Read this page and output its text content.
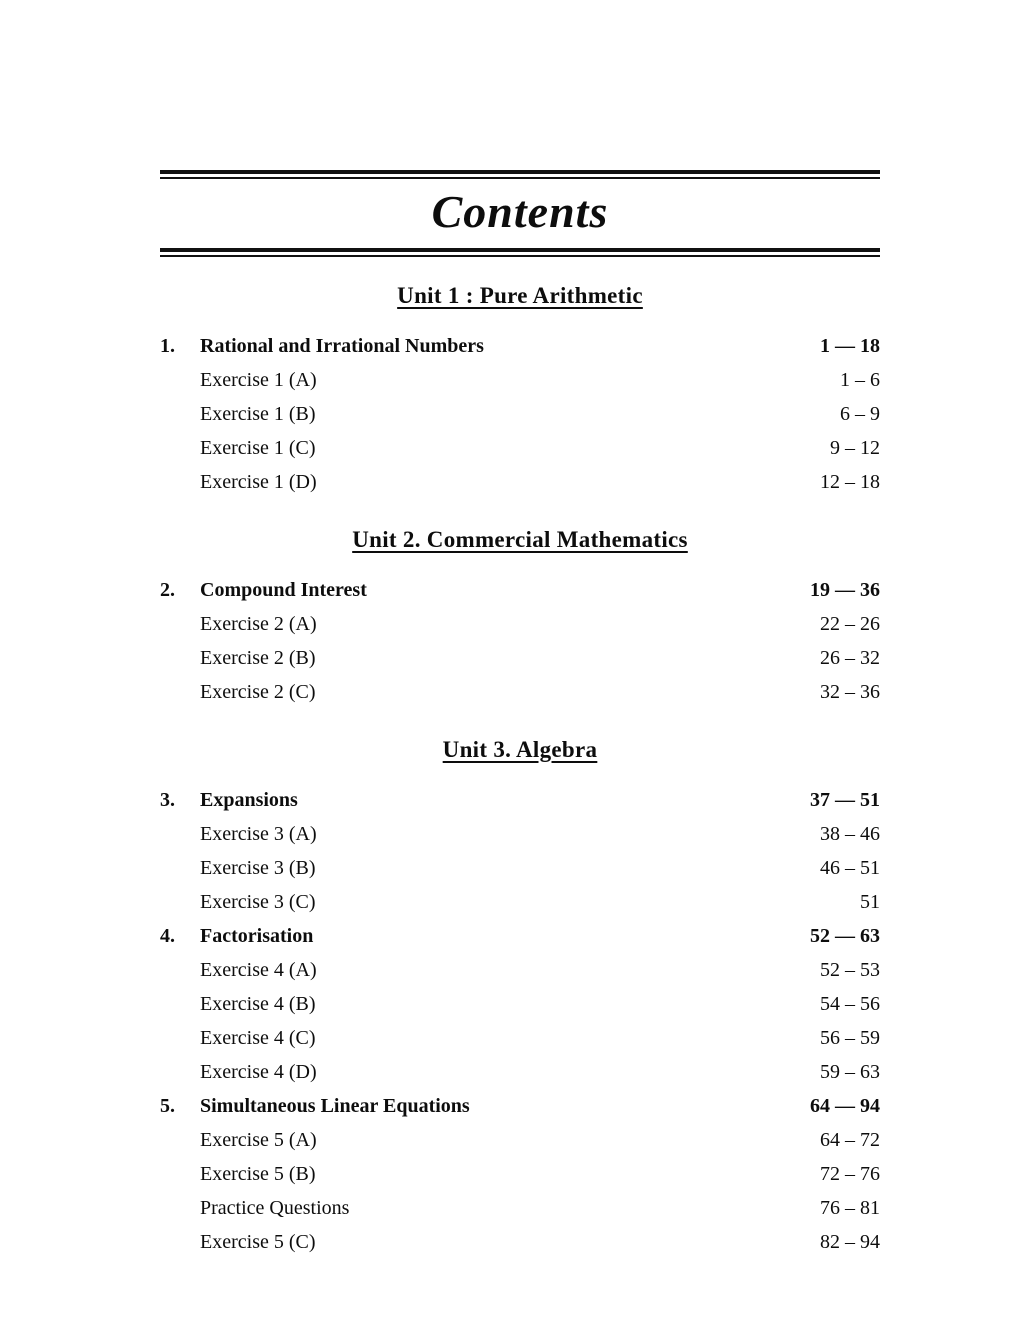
Contents
Unit 1 : Pure Arithmetic
1.	Rational and Irrational Numbers	1 — 18
Exercise 1 (A)	1 – 6
Exercise 1 (B)	6 – 9
Exercise 1 (C)	9 – 12
Exercise 1 (D)	12 – 18
Unit 2. Commercial Mathematics
2.	Compound Interest	19 — 36
Exercise 2 (A)	22 – 26
Exercise 2 (B)	26 – 32
Exercise 2 (C)	32 – 36
Unit 3. Algebra
3.	Expansions	37 — 51
Exercise 3 (A)	38 – 46
Exercise 3 (B)	46 – 51
Exercise 3 (C)	51
4.	Factorisation	52 — 63
Exercise 4 (A)	52 – 53
Exercise 4 (B)	54 – 56
Exercise 4 (C)	56 – 59
Exercise 4 (D)	59 – 63
5.	Simultaneous Linear Equations	64 — 94
Exercise 5 (A)	64 – 72
Exercise 5 (B)	72 – 76
Practice Questions	76 – 81
Exercise 5 (C)	82 – 94
